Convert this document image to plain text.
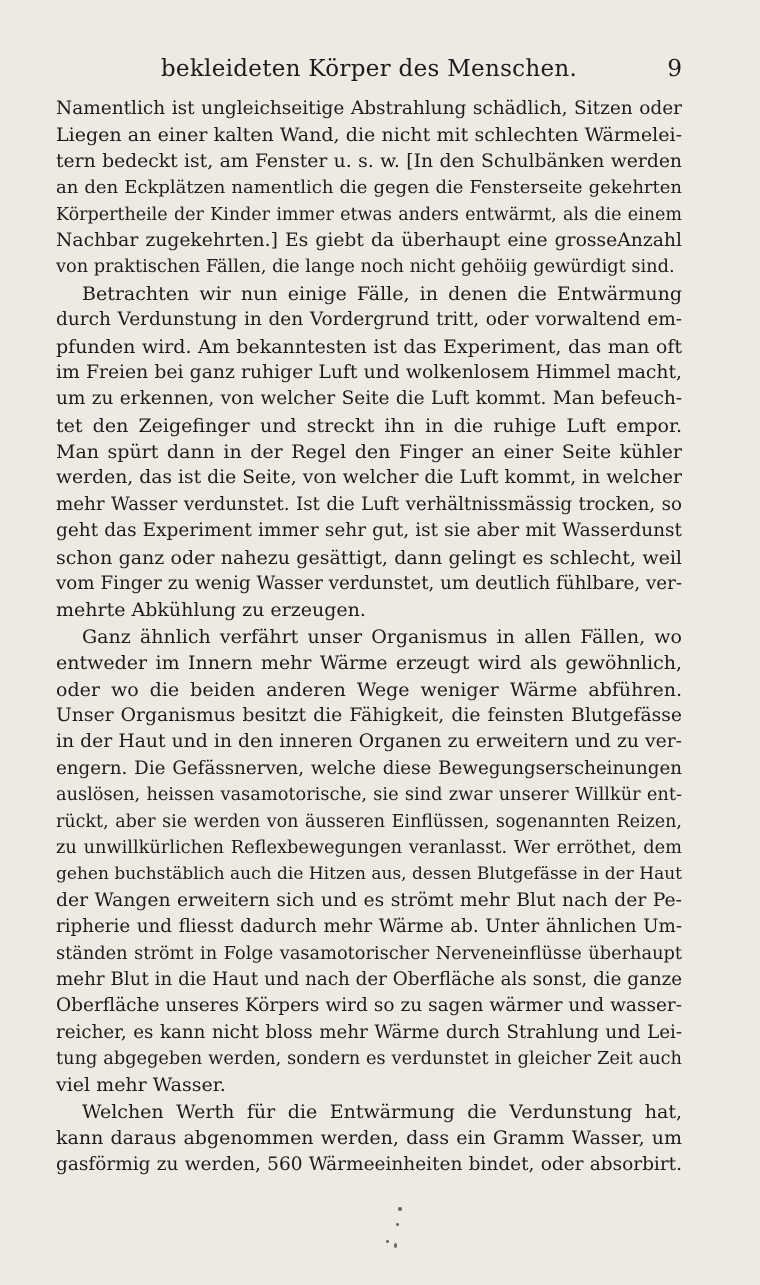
bekleideten Körper des Menschen.	9
Namentlich ist ungleichseitige Abstrahlung schädlich, Sitzen oder
Liegen an einer kalten Wand, die nicht mit schlechten Wärmelei-
tern bedeckt ist, am Fenster u. s. w. [In den Schulbänken werden
an den Eckplätzen namentlich die gegen die Fensterseite gekehrten
Körpertheile der Kinder immer etwas anders entwärmt, als die einem
Nachbar zugekehrten.] Es giebt da überhaupt eine grosseAnzahl
von praktischen Fällen, die lange noch nicht gehöiig gewürdigt sind.
Betrachten wir nun einige Fälle, in denen die Entwärmung
durch Verdunstung in den Vordergrund tritt, oder vorwaltend em-
pfunden wird. Am bekanntesten ist das Experiment, das man oft
im Freien bei ganz ruhiger Luft und wolkenlosem Himmel macht,
um zu erkennen, von welcher Seite die Luft kommt. Man befeuch-
tet den Zeigefinger und streckt ihn in die ruhige Luft empor.
Man spürt dann in der Regel den Finger an einer Seite kühler
werden, das ist die Seite, von welcher die Luft kommt, in welcher
mehr Wasser verdunstet. Ist die Luft verhältnissmässig trocken, so
geht das Experiment immer sehr gut, ist sie aber mit Wasserdunst
schon ganz oder nahezu gesättigt, dann gelingt es schlecht, weil
vom Finger zu wenig Wasser verdunstet, um deutlich fühlbare, ver-
mehrte Abkühlung zu erzeugen.
Ganz ähnlich verfährt unser Organismus in allen Fällen, wo
entweder im Innern mehr Wärme erzeugt wird als gewöhnlich,
oder wo die beiden anderen Wege weniger Wärme abführen.
Unser Organismus besitzt die Fähigkeit, die feinsten Blutgefässe
in der Haut und in den inneren Organen zu erweitern und zu ver-
engern. Die Gefässnerven, welche diese Bewegungserscheinungen
auslösen, heissen vasamotorische, sie sind zwar unserer Willkür ent-
rückt, aber sie werden von äusseren Einflüssen, sogenannten Reizen,
zu unwillkürlichen Reflexbewegungen veranlasst. Wer erröthet, dem
gehen buchstäblich auch die Hitzen aus, dessen Blutgefässe in der Haut
der Wangen erweitern sich und es strömt mehr Blut nach der Pe-
ripherie und fliesst dadurch mehr Wärme ab. Unter ähnlichen Um-
ständen strömt in Folge vasamotorischer Nerveneinflüsse überhaupt
mehr Blut in die Haut und nach der Oberfläche als sonst, die ganze
Oberfläche unseres Körpers wird so zu sagen wärmer und wasser-
reicher, es kann nicht bloss mehr Wärme durch Strahlung und Lei-
tung abgegeben werden, sondern es verdunstet in gleicher Zeit auch
viel mehr Wasser.
Welchen Werth für die Entwärmung die Verdunstung hat,
kann daraus abgenommen werden, dass ein Gramm Wasser, um
gasförmig zu werden, 560 Wärmeeinheiten bindet, oder absorbirt.
